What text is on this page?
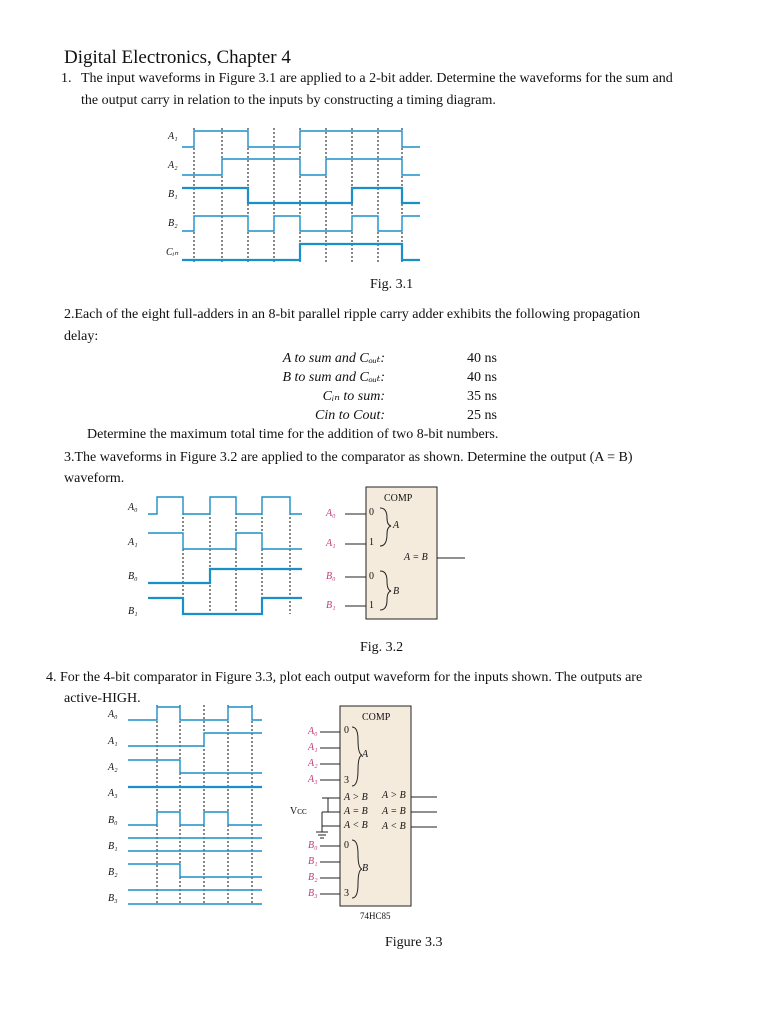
Digital Electronics, Chapter 4
1. The input waveforms in Figure 3.1 are applied to a 2-bit adder. Determine the waveforms for the sum and
the output carry in relation to the inputs by constructing a timing diagram.
A₁
A₂
B₁
B₂
Cᵢₙ
Fig. 3.1
2.Each of the eight full-adders in an 8-bit parallel ripple carry adder exhibits the following propagation
delay:
A to sum and Cₒᵤₜ:	40 ns
B to sum and Cₒᵤₜ:	40 ns
Cᵢₙ to sum:	35 ns
Cin to Cout:	25 ns
Determine the maximum total time for the addition of two 8-bit numbers.
3.The waveforms in Figure 3.2 are applied to the comparator as shown. Determine the output (A = B)
waveform.
A₀
A₁
B₀
B₁
A₀
A₁
B₀
B₁
COMP
0
1
0
1
A
B
A = B
Fig. 3.2
4. For the 4-bit comparator in Figure 3.3, plot each output waveform for the inputs shown. The outputs are
active-HIGH.
A₀
A₁
A₂
A₃
B₀
B₁
B₂
B₃
A₀
A₁
A₂
A₃
B₀
B₁
B₂
B₃
COMP
0
3
0
3
A
B
A > B
A = B
A < B
A > B
A = B
A < B
Vᴄᴄ
74HC85
Figure 3.3
